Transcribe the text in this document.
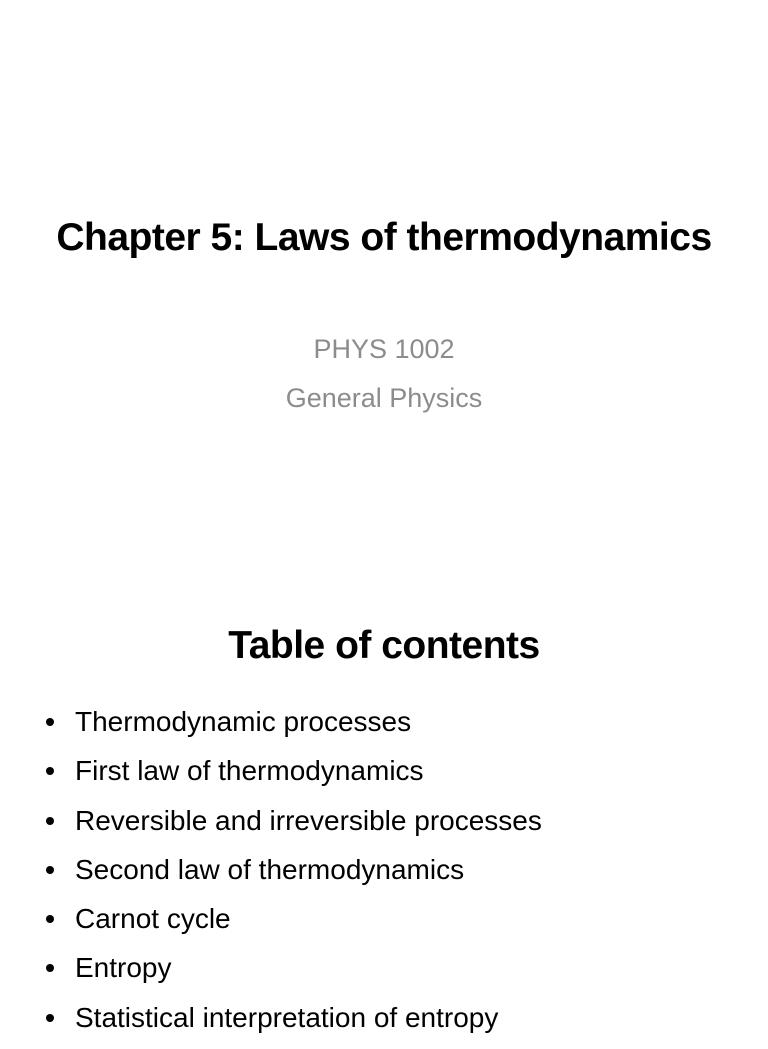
Chapter 5: Laws of thermodynamics
PHYS 1002
General Physics
Table of contents
Thermodynamic processes
First law of thermodynamics
Reversible and irreversible processes
Second law of thermodynamics
Carnot cycle
Entropy
Statistical interpretation of entropy
